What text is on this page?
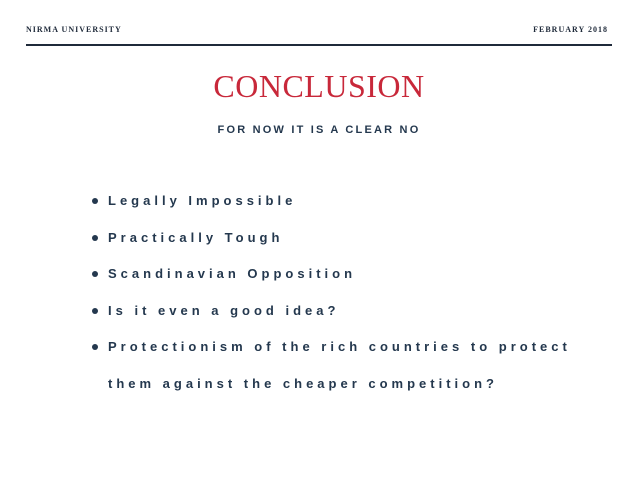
NIRMA UNIVERSITY	FEBRUARY 2018
CONCLUSION
FOR NOW IT IS A CLEAR NO
Legally Impossible
Practically Tough
Scandinavian Opposition
Is it even a good idea?
Protectionism of the rich countries to protect them against the cheaper competition?
